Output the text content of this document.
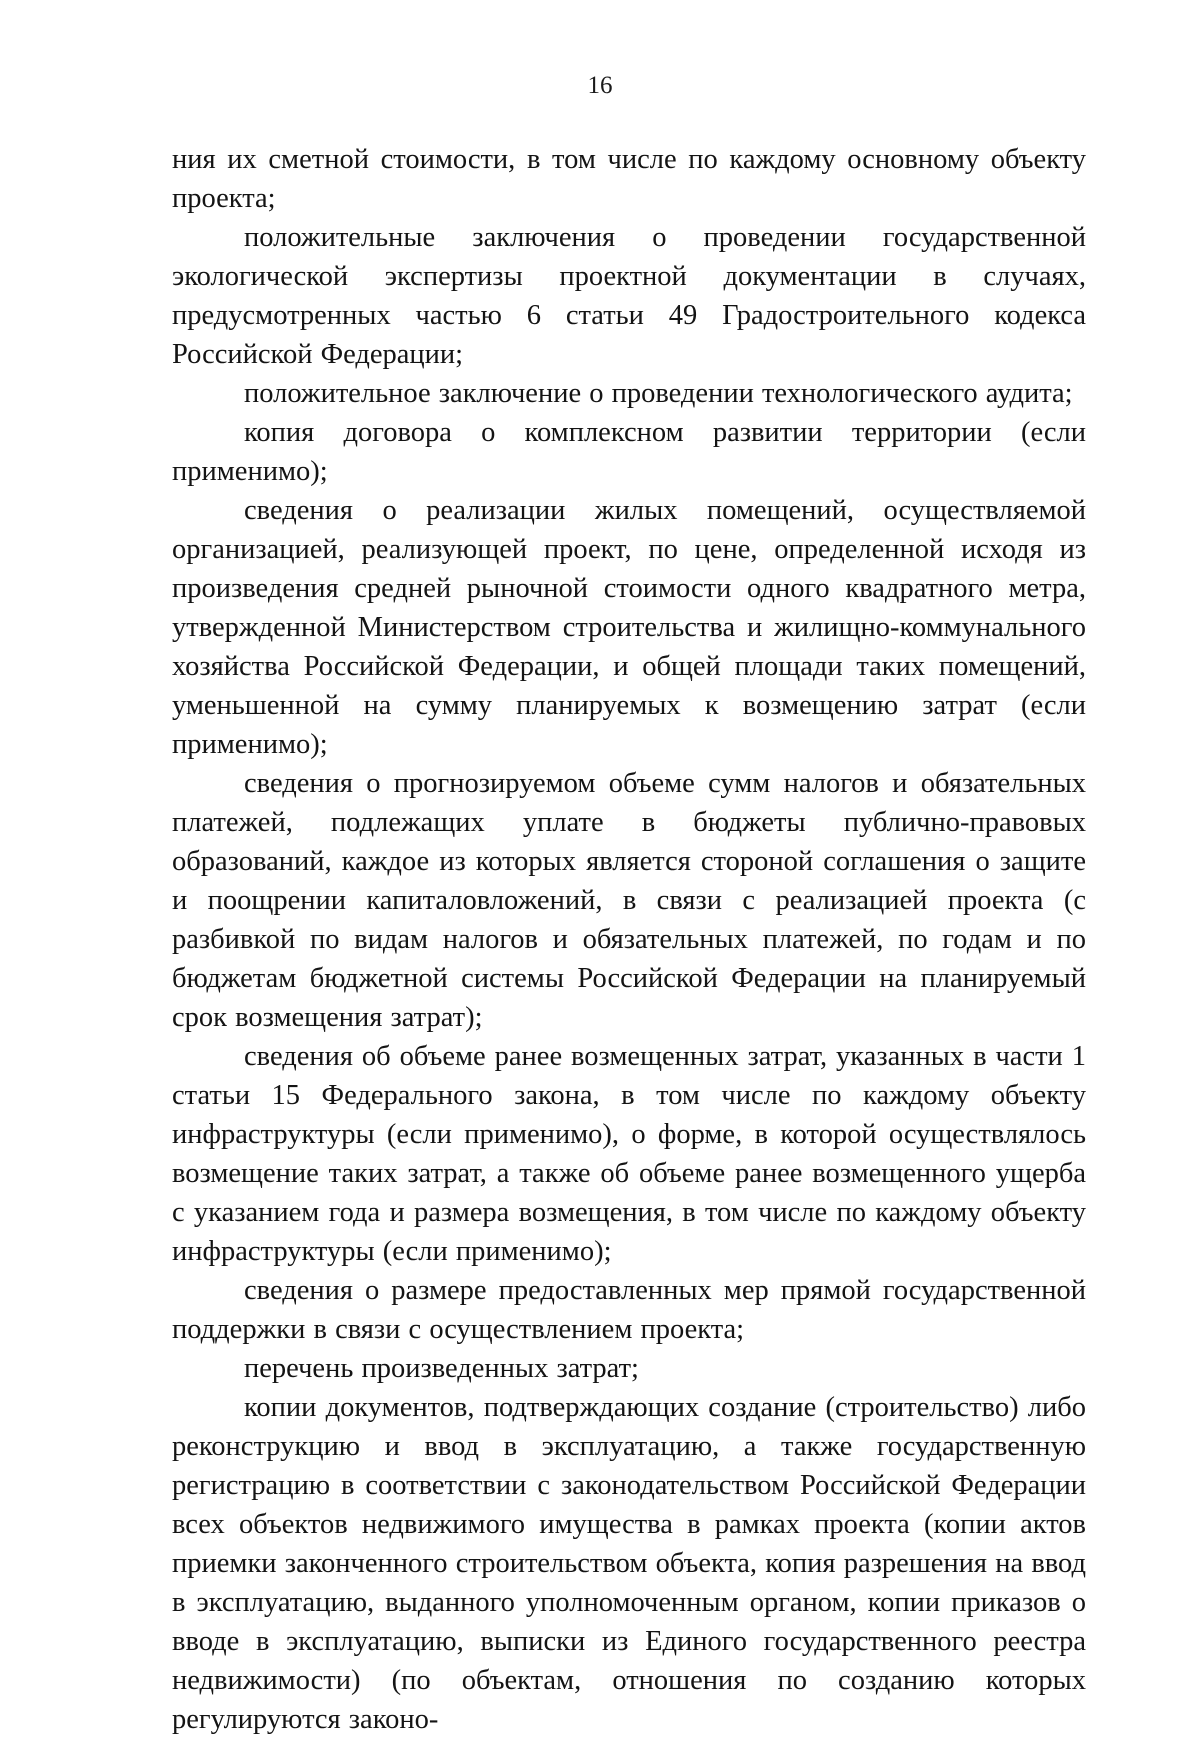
16

ния их сметной стоимости, в том числе по каждому основному объекту проекта;

положительные заключения о проведении государственной экологической экспертизы проектной документации в случаях, предусмотренных частью 6 статьи 49 Градостроительного кодекса Российской Федерации;

положительное заключение о проведении технологического аудита;

копия договора о комплексном развитии территории (если применимо);

сведения о реализации жилых помещений, осуществляемой организацией, реализующей проект, по цене, определенной исходя из произведения средней рыночной стоимости одного квадратного метра, утвержденной Министерством строительства и жилищно-коммунального хозяйства Российской Федерации, и общей площади таких помещений, уменьшенной на сумму планируемых к возмещению затрат (если применимо);

сведения о прогнозируемом объеме сумм налогов и обязательных платежей, подлежащих уплате в бюджеты публично-правовых образований, каждое из которых является стороной соглашения о защите и поощрении капиталовложений, в связи с реализацией проекта (с разбивкой по видам налогов и обязательных платежей, по годам и по бюджетам бюджетной системы Российской Федерации на планируемый срок возмещения затрат);

сведения об объеме ранее возмещенных затрат, указанных в части 1 статьи 15 Федерального закона, в том числе по каждому объекту инфраструктуры (если применимо), о форме, в которой осуществлялось возмещение таких затрат, а также об объеме ранее возмещенного ущерба с указанием года и размера возмещения, в том числе по каждому объекту инфраструктуры (если применимо);

сведения о размере предоставленных мер прямой государственной поддержки в связи с осуществлением проекта;

перечень произведенных затрат;

копии документов, подтверждающих создание (строительство) либо реконструкцию и ввод в эксплуатацию, а также государственную регистрацию в соответствии с законодательством Российской Федерации всех объектов недвижимого имущества в рамках проекта (копии актов приемки законченного строительством объекта, копия разрешения на ввод в эксплуатацию, выданного уполномоченным органом, копии приказов о вводе в эксплуатацию, выписки из Единого государственного реестра недвижимости) (по объектам, отношения по созданию которых регулируются законо-
